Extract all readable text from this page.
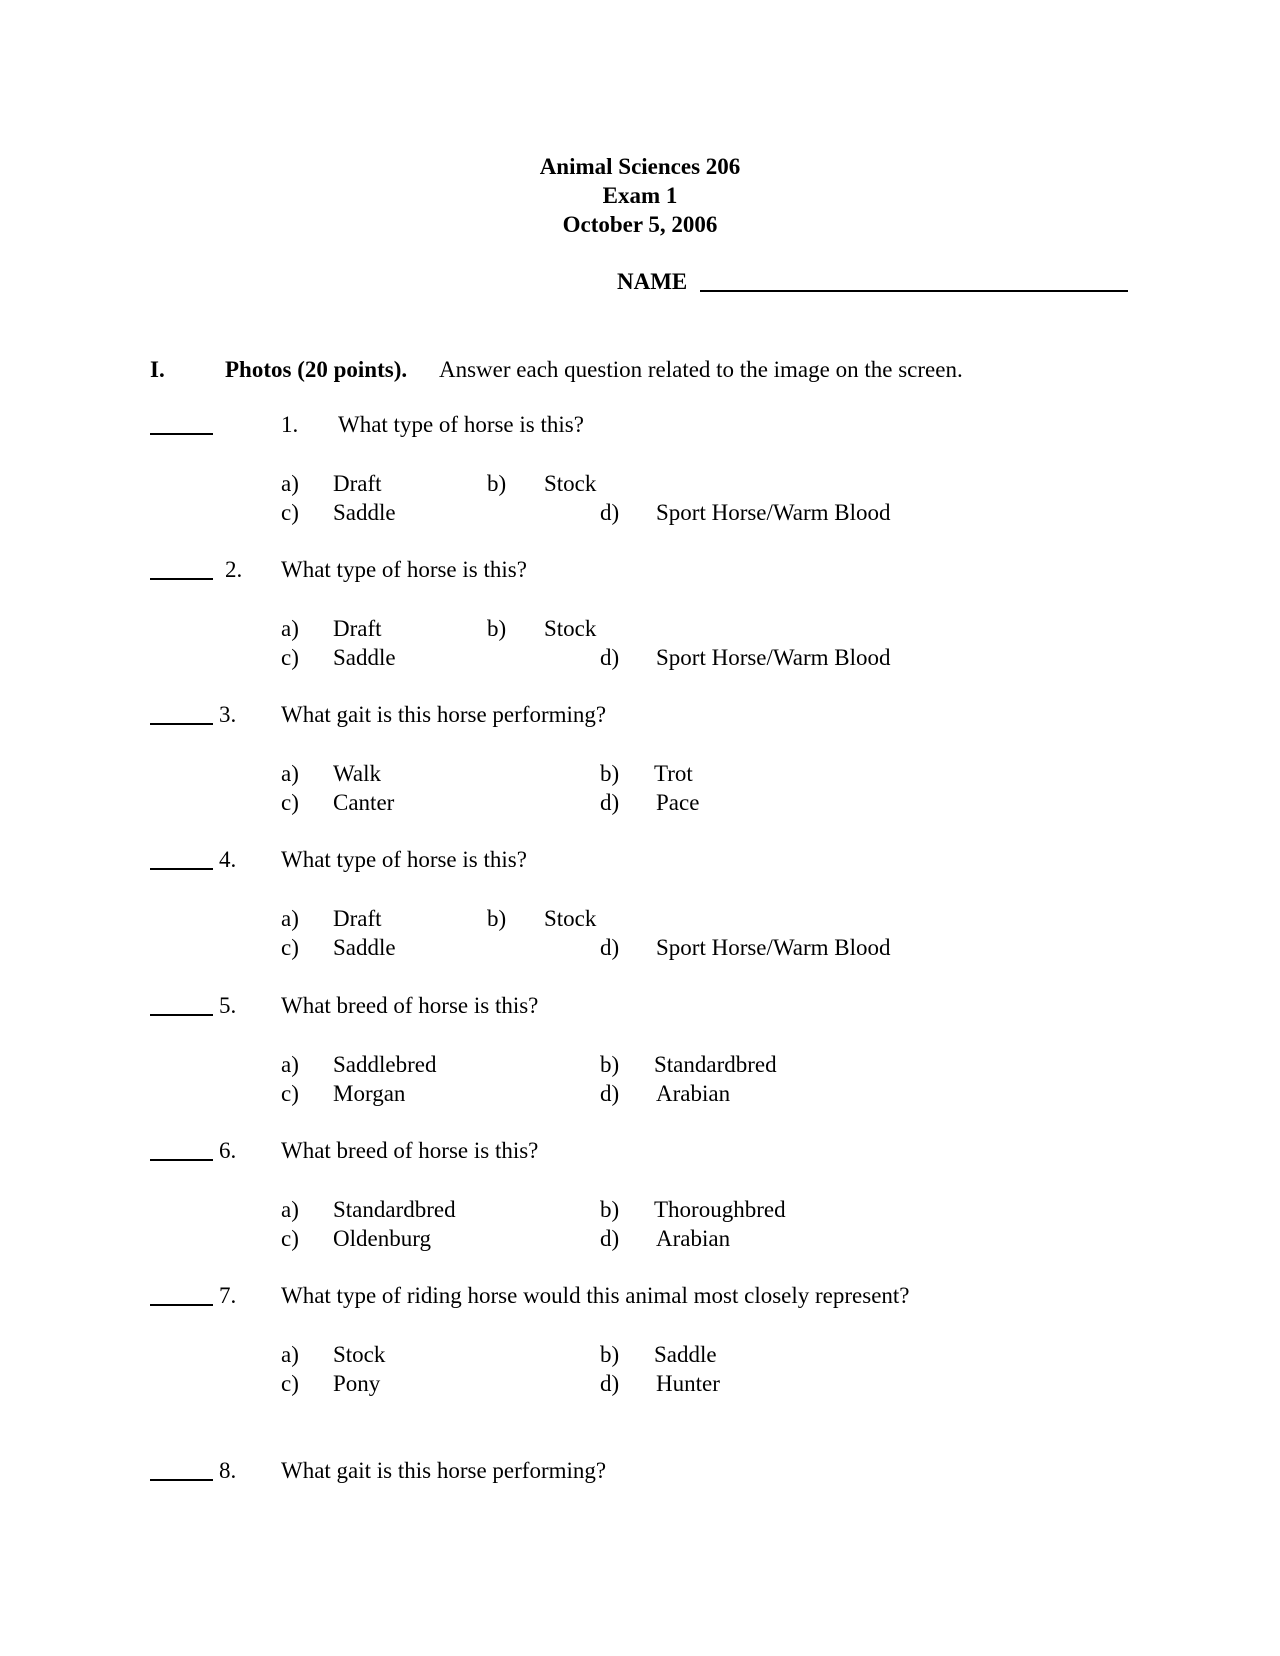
Animal Sciences 206
Exam 1
October 5, 2006
NAME
I.	Photos (20 points). Answer each question related to the image on the screen.
1. What type of horse is this?
a) Draft	b) Stock
c) Saddle	d) Sport Horse/Warm Blood
2. What type of horse is this?
a) Draft	b) Stock
c) Saddle	d) Sport Horse/Warm Blood
3. What gait is this horse performing?
a) Walk	b) Trot
c) Canter	d) Pace
4. What type of horse is this?
a) Draft	b) Stock
c) Saddle	d) Sport Horse/Warm Blood
5. What breed of horse is this?
a) Saddlebred	b) Standardbred
c) Morgan	d) Arabian
6. What breed of horse is this?
a) Standardbred	b) Thoroughbred
c) Oldenburg	d) Arabian
7. What type of riding horse would this animal most closely represent?
a) Stock	b) Saddle
c) Pony	d) Hunter
8. What gait is this horse performing?
